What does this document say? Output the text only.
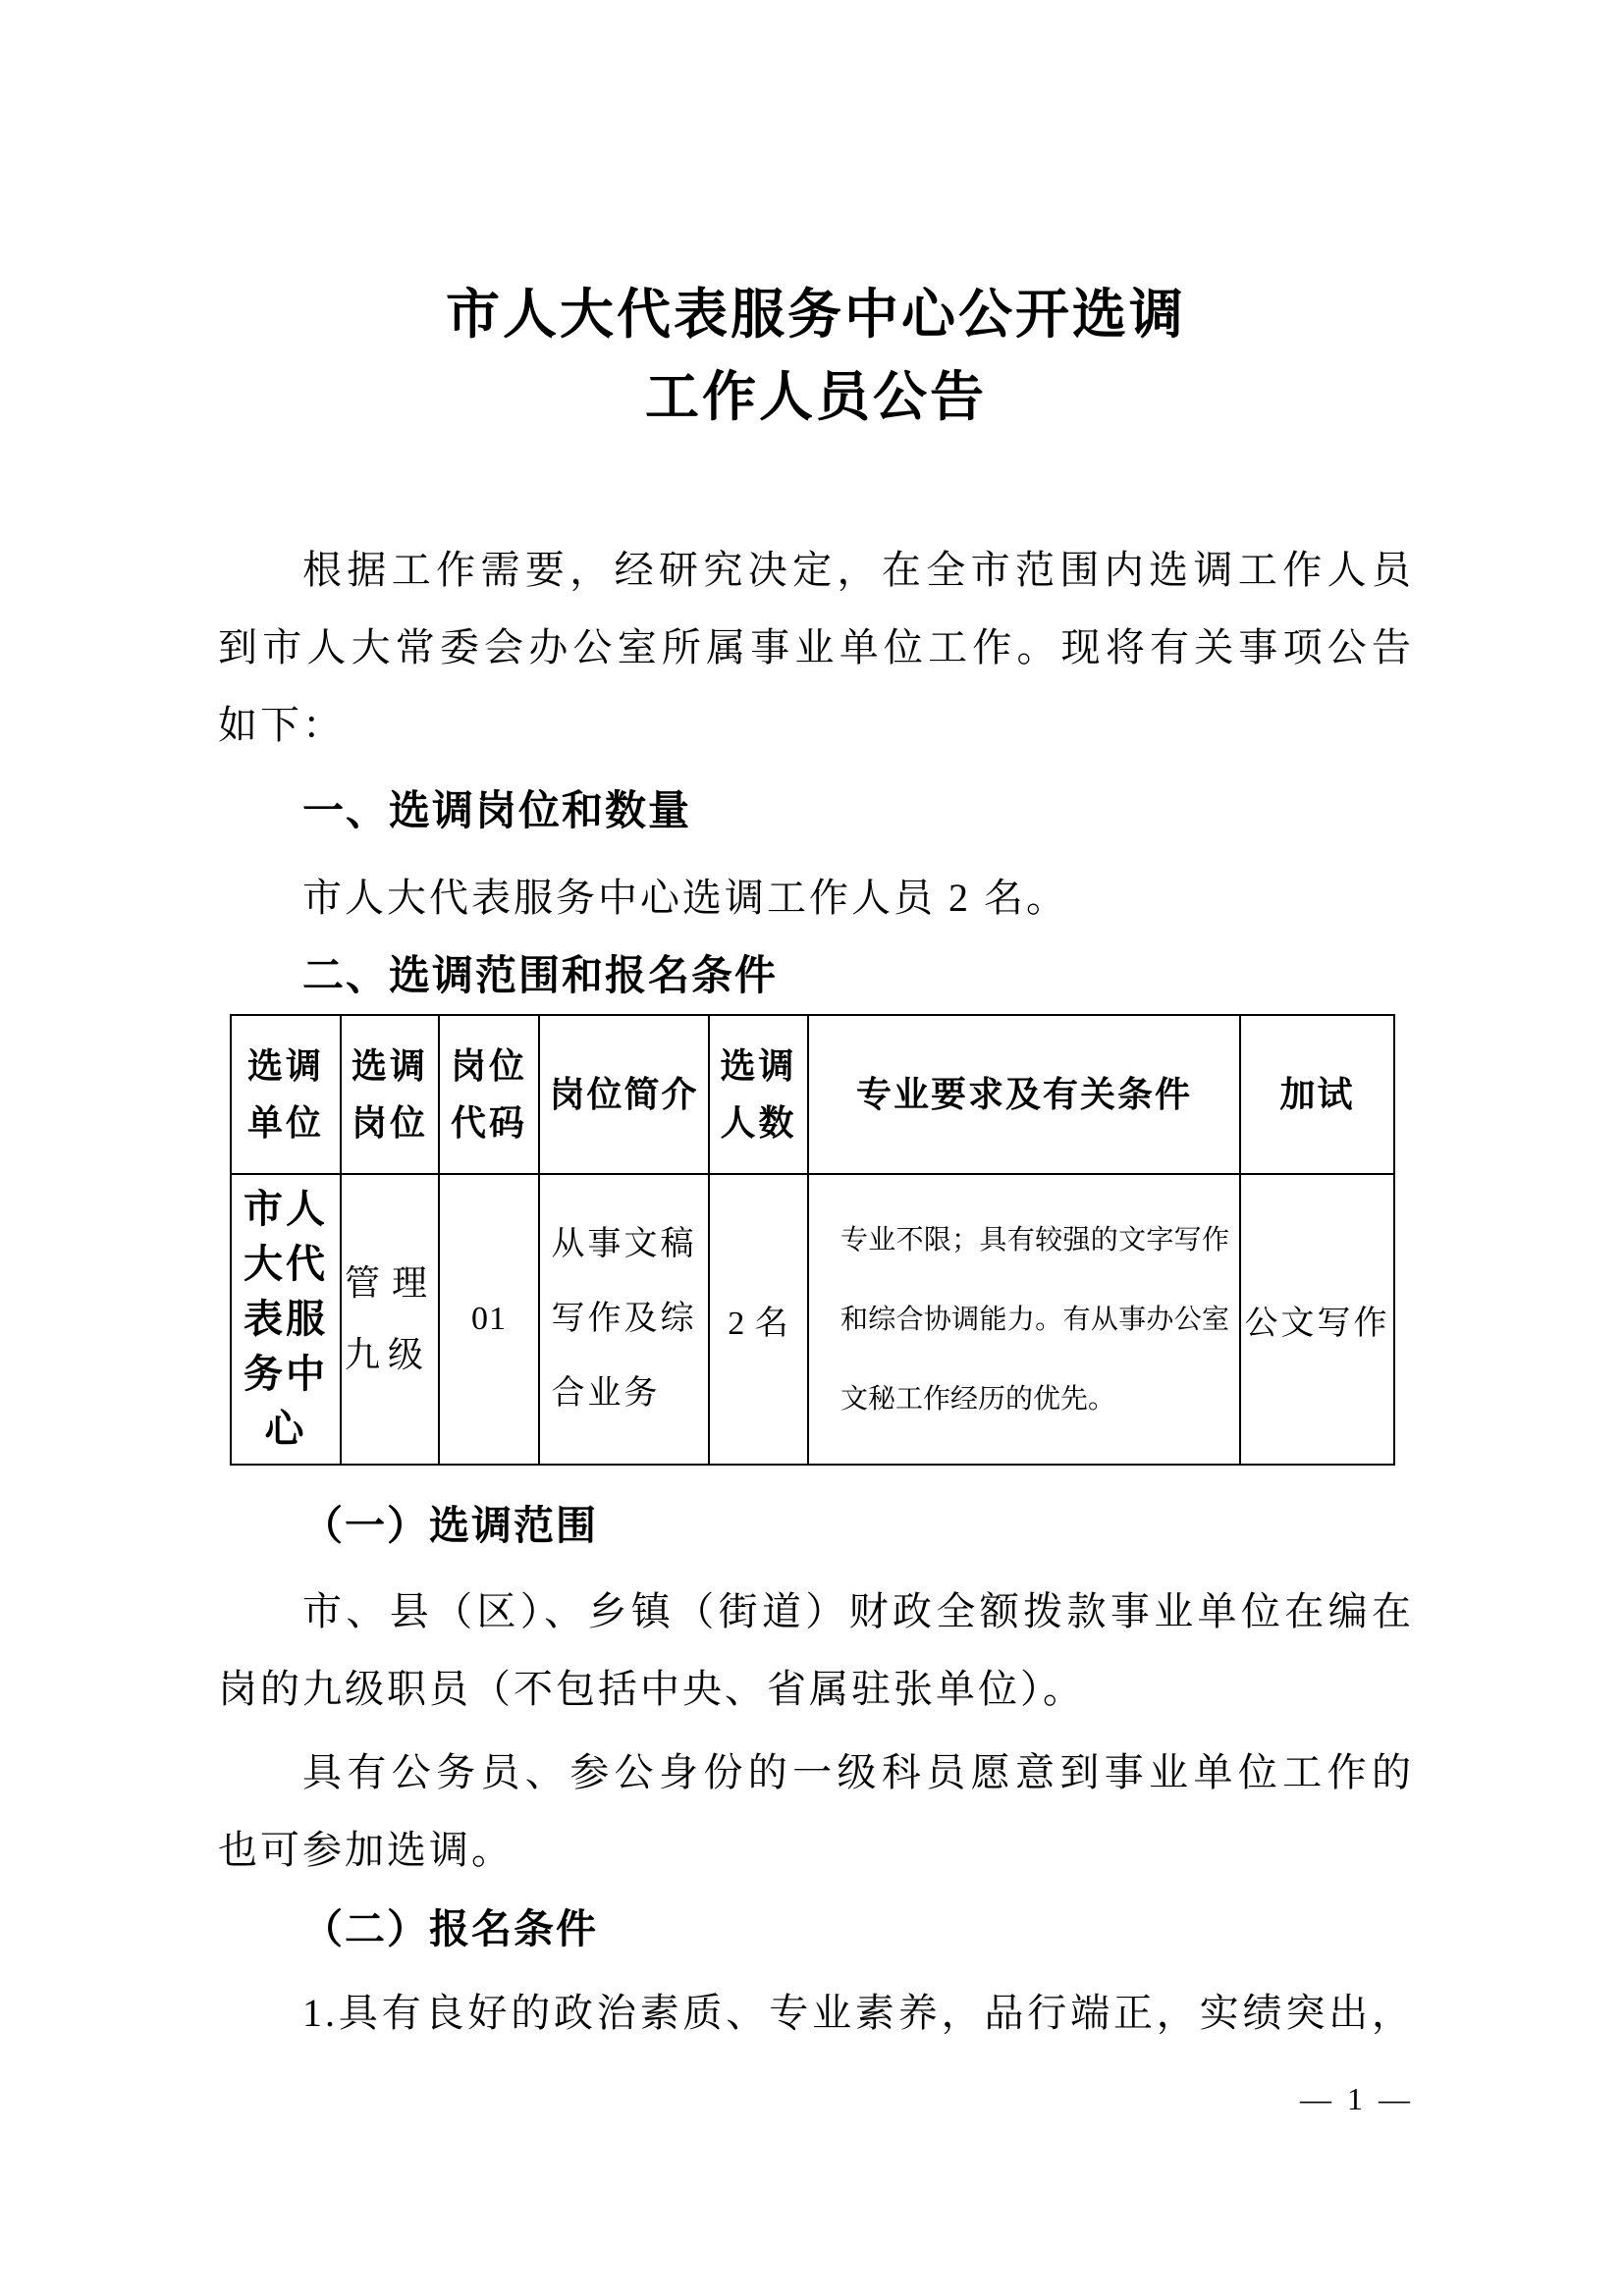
市人大代表服务中心公开选调
工作人员公告
根据工作需要，经研究决定，在全市范围内选调工作人员
到市人大常委会办公室所属事业单位工作。现将有关事项公告
如下：
一、选调岗位和数量
市人大代表服务中心选调工作人员 2 名。
二、选调范围和报名条件
选调单位	选调岗位	岗位代码	岗位简介	选调人数	专业要求及有关条件	加试
市人大代表服务中心	管理九级	01	从事文稿写作及综合业务	2 名	专业不限；具有较强的文字写作和综合协调能力。有从事办公室文秘工作经历的优先。	公文写作
（一）选调范围
市、县（区）、乡镇（街道）财政全额拨款事业单位在编在
岗的九级职员（不包括中央、省属驻张单位）。
具有公务员、参公身份的一级科员愿意到事业单位工作的
也可参加选调。
（二）报名条件
1.具有良好的政治素质、专业素养，品行端正，实绩突出，
— 1 —
